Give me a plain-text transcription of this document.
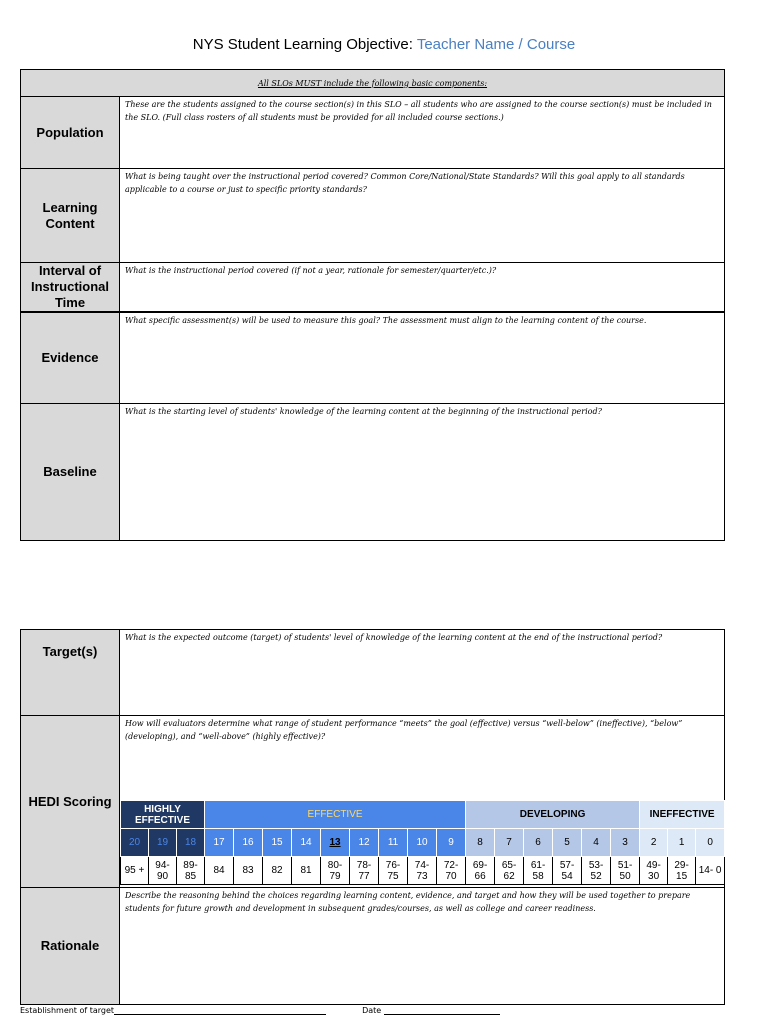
NYS Student Learning Objective: Teacher Name / Course
All SLOs MUST include the following basic components:	
Population	These are the students assigned to the course section(s) in this SLO – all students who are assigned to the course section(s) must be included in the SLO. (Full class rosters of all students must be provided for all included course sections.)

Learning Content	What is being taught over the instructional period covered? Common Core/National/State Standards? Will this goal apply to all standards applicable to a course or just to specific priority standards?

Interval of Instructional Time	What is the instructional period covered (if not a year, rationale for semester/quarter/etc.)?
Evidence	What specific assessment(s) will be used to measure this goal? The assessment must align to the learning content of the course.
Baseline	What is the starting level of students' knowledge of the learning content at the beginning of the instructional period?
Target(s)	What is the expected outcome (target) of students' level of knowledge of the learning content at the end of the instructional period?
HEDI Scoring	
How will evaluators determine what range of student performance “meets” the goal (effective) versus “well-below” (ineffective), “below” (developing), and “well-above” (highly effective)?
HIGHLY EFFECTIVE	EFFECTIVE	DEVELOPING	INEFFECTIVE
20	19	18	17	16	15	14	13	12	11	10	9	8	7	6	5	4	3	2	1	0
95 +	94- 90	89- 85	84	83	82	81	80- 79	78- 77	76- 75	74- 73	72- 70	69- 66	65- 62	61- 58	57- 54	53- 52	51- 50	49- 30	29- 15	14- 0

Rationale	Describe the reasoning behind the choices regarding learning content, evidence, and target and how they will be used together to prepare students for future growth and development in subsequent grades/courses, as well as college and career readiness.
Establishment of target	Date
